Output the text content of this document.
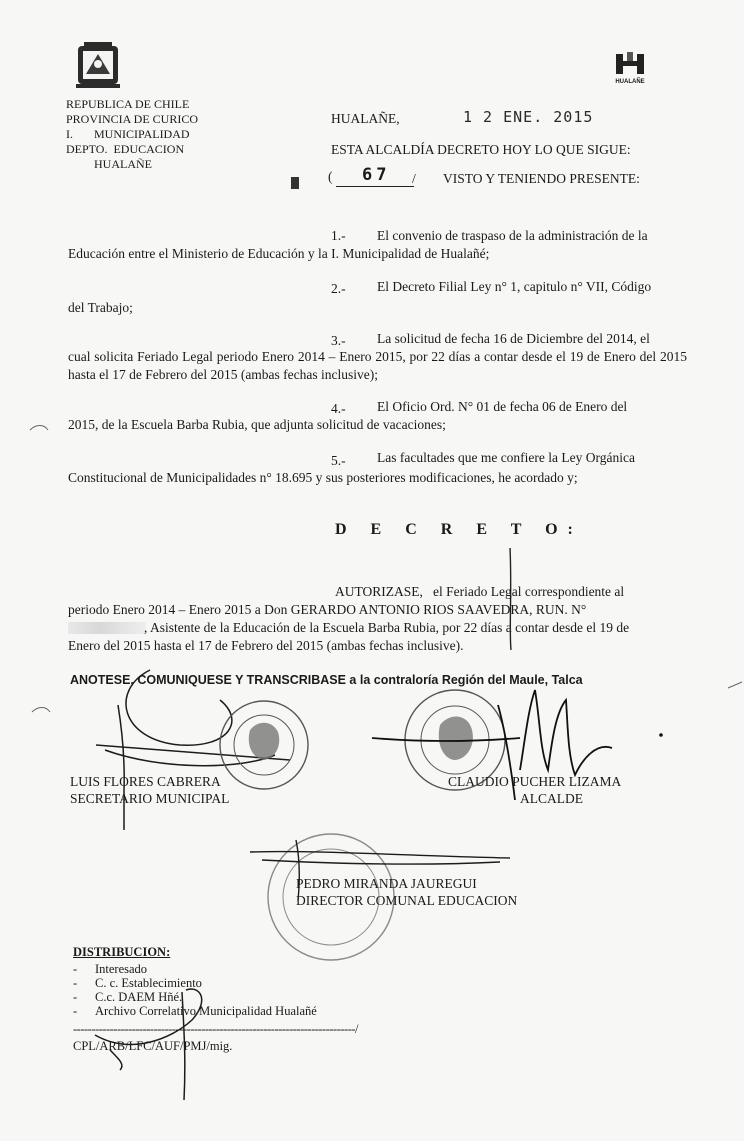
REPUBLICA DE CHILE
PROVINCIA DE CURICO
I.       MUNICIPALIDAD
DEPTO.  EDUCACION
HUALAÑE
HUALAÑE
HUALAÑE,	1 2 ENE. 2015
ESTA ALCALDÍA DECRETO HOY LO QUE SIGUE:
( 67 / VISTO Y TENIENDO PRESENTE:
1.- El convenio de traspaso de la administración de la
Educación entre el Ministerio de Educación y la I. Municipalidad de Hualañé;
2.- El Decreto Filial Ley n° 1, capitulo n° VII, Código
del Trabajo;
3.- La solicitud de fecha 16 de Diciembre del 2014, el
cual solicita Feriado Legal periodo Enero 2014 – Enero 2015, por 22 días a contar desde el 19 de Enero del 2015 hasta el 17 de Febrero del 2015 (ambas fechas inclusive);
4.- El Oficio Ord. N° 01 de fecha 06 de Enero del
2015, de la Escuela Barba Rubia, que adjunta solicitud de vacaciones;
5.- Las facultades que me confiere la Ley Orgánica
Constitucional de Municipalidades n° 18.695 y sus posteriores modificaciones, he acordado y;
D E C R E T O:
AUTORIZASE,   el Feriado Legal correspondiente al
periodo Enero 2014 – Enero 2015 a Don GERARDO ANTONIO RIOS SAAVEDRA, RUN. N°
, Asistente de la Educación de la Escuela Barba Rubia, por 22 días a contar desde el 19 de
Enero del 2015 hasta el 17 de Febrero del 2015 (ambas fechas inclusive).
ANOTESE, COMUNIQUESE Y TRANSCRIBASE a la contraloría Región del Maule, Talca
LUIS FLORES CABRERA
SECRETARIO MUNICIPAL
CLAUDIO PUCHER LIZAMA
ALCALDE
PEDRO MIRANDA JAUREGUI
DIRECTOR COMUNAL EDUCACION
DISTRIBUCION:
- Interesado
- C. c. Establecimiento
- C.c. DAEM Hñé.
- Archivo Correlativo Municipalidad Hualañé
-----------------------------------------------------------------------------/
CPL/ARB/LFC/AUF/PMJ/mig.
